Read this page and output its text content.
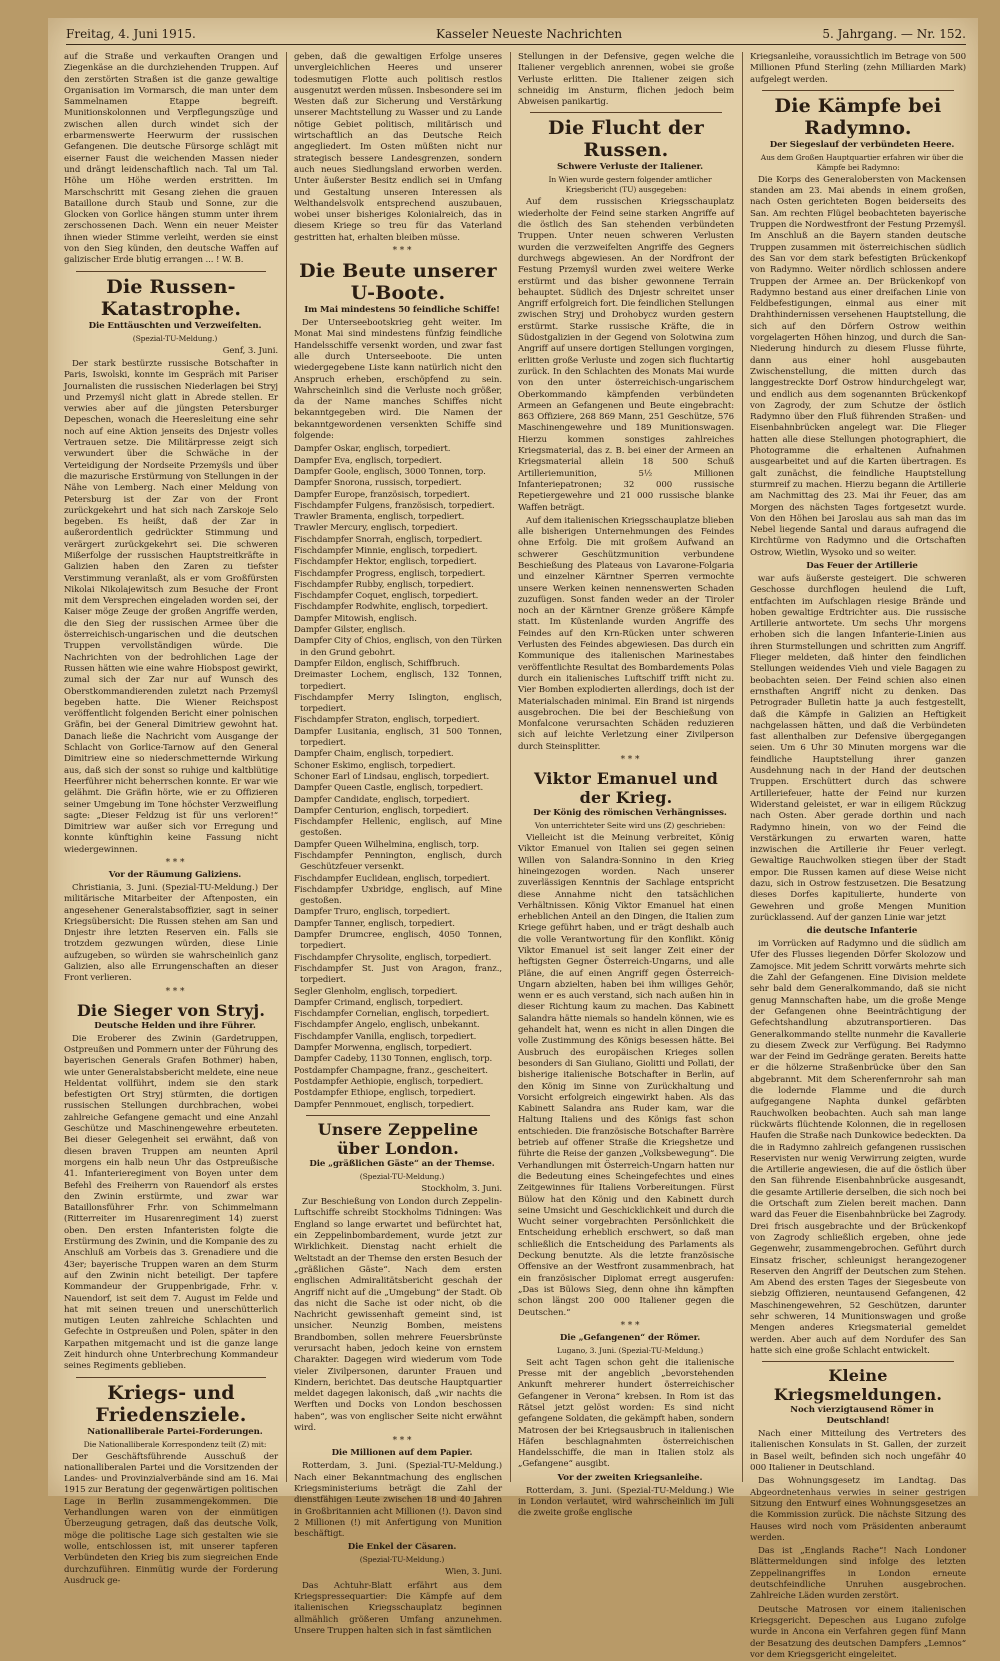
Freitag, 4. Juni 1915.	Kasseler Neueste Nachrichten	5. Jahrgang. — Nr. 152.

auf die Straße und verkauften Orangen und Ziegenkäse an die durchziehenden Truppen. Auf den zerstörten Straßen ist die ganze gewaltige Organisation im Vormarsch, die man unter dem Sammelnamen Etappe begreift. Munitionskolonnen und Verpflegungszüge und zwischen allen durch windet sich der erbarmenswerte Heerwurm der russischen Gefangenen. Die deutsche Fürsorge schlägt mit eiserner Faust die weichenden Massen nieder und drängt leidenschaftlich nach. Tal um Tal. Höhe um Höhe werden erstritten. Im Marschschritt mit Gesang ziehen die grauen Bataillone durch Staub und Sonne, zur die Glocken von Gorlice hängen stumm unter ihrem zerschossenen Dach. Wenn ein neuer Meister ihnen wieder Stimme verleiht, werden sie einst von den Sieg künden, den deutsche Waffen auf galizischer Erde blutig errangen ... ! W. B.

Die Russen-Katastrophe.

Die Enttäuschten und Verzweifelten.

(Spezial-TU-Meldung.)

Genf, 3. Juni.

Der stark bestürzte russische Botschafter in Paris, Iswolski, konnte im Gespräch mit Pariser Journalisten die russischen Niederlagen bei Stryj und Przemyśl nicht glatt in Abrede stellen. Er verwies aber auf die jüngsten Petersburger Depeschen, wonach die Heeresleitung eine sehr noch auf eine Aktion jenseits des Dnjestr volles Vertrauen setze. Die Militärpresse zeigt sich verwundert über die Schwäche in der Verteidigung der Nordseite Przemyśls und über die mazurische Erstürmung von Stellungen in der Nähe von Lemberg. Nach einer Meldung von Petersburg ist der Zar von der Front zurückgekehrt und hat sich nach Zarskoje Selo begeben. Es heißt, daß der Zar in außerordentlich gedrückter Stimmung und verärgert zurückgekehrt sei. Die schweren Mißerfolge der russischen Hauptstreitkräfte in Galizien haben den Zaren zu tiefster Verstimmung veranlaßt, als er vom Großfürsten Nikolai Nikolajewitsch zum Besuche der Front mit dem Versprechen eingeladen worden sei, der Kaiser möge Zeuge der großen Angriffe werden, die den Sieg der russischen Armee über die österreichisch-ungarischen und die deutschen Truppen vervollständigen würde. Die Nachrichten von der bedrohlichen Lage der Russen hätten wie eine wahre Hiobspost gewirkt, zumal sich der Zar nur auf Wunsch des Oberstkommandierenden zuletzt nach Przemyśl begeben hatte. Die Wiener Reichspost veröffentlicht folgenden Bericht einer polnischen Gräfin, bei der General Dimitriew gewohnt hat. Danach ließe die Nachricht vom Ausgange der Schlacht von Gorlice-Tarnow auf den General Dimitriew eine so niederschmetternde Wirkung aus, daß sich der sonst so ruhige und kaltblütige Heerführer nicht beherrschen konnte. Er war wie gelähmt. Die Gräfin hörte, wie er zu Offizieren seiner Umgebung im Tone höchster Verzweiflung sagte: „Dieser Feldzug ist für uns verloren!“ Dimitriew war außer sich vor Erregung und konnte künftighin keine Fassung nicht wiedergewinnen.

* * *

Vor der Räumung Galiziens.

Christiania, 3. Juni. (Spezial-TU-Meldung.) Der militärische Mitarbeiter der Aftenposten, ein angesehener Generalstabsoffizier, sagt in seiner Kriegsübersicht: Die Russen stehen am San und Dnjestr ihre letzten Reserven ein. Falls sie trotzdem gezwungen würden, diese Linie aufzugeben, so würden sie wahrscheinlich ganz Galizien, also alle Errungenschaften an dieser Front verlieren.

* * *

Die Sieger von Stryj.

Deutsche Helden und ihre Führer.

Die Eroberer des Zwinin (Gardetruppen, Ostpreußen und Pommern unter der Führung des bayerischen Generals Grafen Bothmer) haben, wie unter Generalstabsbericht meldete, eine neue Heldentat vollführt, indem sie den stark befestigten Ort Stryj stürmten, die dortigen russischen Stellungen durchbrachen, wobei zahlreiche Gefangene gemacht und eine Anzahl Geschütze und Maschinengewehre erbeuteten. Bei dieser Gelegenheit sei erwähnt, daß von diesen braven Truppen am neunten April morgens ein halb neun Uhr das Ostpreußische 41. Infanterieregiment von Boyen unter dem Befehl des Freiherrn von Rauendorf als erstes den Zwinin erstürmte, und zwar war Bataillonsführer Frhr. von Schimmelmann (Ritterreiter im Husarenregiment 14) zuerst oben. Den ersten Infanteristen folgte die Erstürmung des Zwinin, und die Kompanie des zu Anschluß am Vorbeis das 3. Grenadiere und die 43er; bayerische Truppen waren an dem Sturm auf den Zwinin nicht beteiligt. Der tapfere Kommandeur der Gruppenbrigade, Frhr. v. Nauendorf, ist seit dem 7. August im Felde und hat mit seinen treuen und unerschütterlich mutigen Leuten zahlreiche Schlachten und Gefechte in Ostpreußen und Polen, später in den Karpathen mitgemacht und ist die ganze lange Zeit hindurch ohne Unterbrechung Kommandeur seines Regiments geblieben.

Kriegs- und Friedensziele.

Nationalliberale Partei-Forderungen.

Die Nationalliberale Korrespondenz teilt (Z) mit:

Der Geschäftsführende Ausschuß der nationalliberalen Partei und die Vorsitzenden der Landes- und Provinzialverbände sind am 16. Mai 1915 zur Beratung der gegenwärtigen politischen Lage in Berlin zusammengekommen. Die Verhandlungen waren von der einmütigen Überzeugung getragen, daß das deutsche Volk, möge die politische Lage sich gestalten wie sie wolle, entschlossen ist, mit unserer tapferen Verbündeten den Krieg bis zum siegreichen Ende durchzuführen. Einmütig wurde der Forderung Ausdruck ge-

geben, daß die gewaltigen Erfolge unseres unvergleichlichen Heeres und unserer todesmutigen Flotte auch politisch restlos ausgenutzt werden müssen. Insbesondere sei im Westen daß zur Sicherung und Verstärkung unserer Machtstellung zu Wasser und zu Lande nötige Gebiet politisch, militärisch und wirtschaftlich an das Deutsche Reich angegliedert. Im Osten müßten nicht nur strategisch bessere Landesgrenzen, sondern auch neues Siedlungsland erworben werden. Unter äußerster Besitz endlich sei in Umfang und Gestaltung unseren Interessen als Welthandelsvolk entsprechend auszubauen, wobei unser bisheriges Kolonialreich, das in diesem Kriege so treu für das Vaterland gestritten hat, erhalten bleiben müsse.

* * *

Die Beute unserer U-Boote.

Im Mai mindestens 50 feindliche Schiffe!

Der Unterseebootskrieg geht weiter. Im Monat Mai sind mindestens fünfzig feindliche Handelsschiffe versenkt worden, und zwar fast alle durch Unterseeboote. Die unten wiedergegebene Liste kann natürlich nicht den Anspruch erheben, erschöpfend zu sein. Wahrscheinlich sind die Verluste noch größer, da der Name manches Schiffes nicht bekanntgegeben wird. Die Namen der bekanntgewordenen versenkten Schiffe sind folgende:

Dampfer Oskar, englisch, torpediert.
Dampfer Eva, englisch, torpediert.
Dampfer Goole, englisch, 3000 Tonnen, torp.
Dampfer Snorona, russisch, torpediert.
Dampfer Europe, französisch, torpediert.
Fischdampfer Fulgens, französisch, torpediert.
Trawler Bramenta, englisch, torpediert.
Trawler Mercury, englisch, torpediert.
Fischdampfer Snorrah, englisch, torpediert.
Fischdampfer Minnie, englisch, torpediert.
Fischdampfer Hektor, englisch, torpediert.
Fischdampfer Progress, englisch, torpediert.
Fischdampfer Rubby, englisch, torpediert.
Fischdampfer Coquet, englisch, torpediert.
Fischdampfer Rodwhite, englisch, torpediert.
Dampfer Mitowish, englisch.
Dampfer Gilster, englisch.
Dampfer City of Chios, englisch, von den Türken in den Grund gebohrt.
Dampfer Eildon, englisch, Schiffbruch.
Dreimaster Lochem, englisch, 132 Tonnen, torpediert.
Fischdampfer Merry Islington, englisch, torpediert.
Fischdampfer Straton, englisch, torpediert.
Dampfer Lusitania, englisch, 31 500 Tonnen, torpediert.
Dampfer Chaim, englisch, torpediert.
Schoner Eskimo, englisch, torpediert.
Schoner Earl of Lindsau, englisch, torpediert.
Dampfer Queen Castle, englisch, torpediert.
Dampfer Candidate, englisch, torpediert.
Dampfer Centurion, englisch, torpediert.
Fischdampfer Hellenic, englisch, auf Mine gestoßen.
Dampfer Queen Wilhelmina, englisch, torp.
Fischdampfer Pennington, englisch, durch Geschützfeuer versenkt.
Fischdampfer Euclidean, englisch, torpediert.
Fischdampfer Uxbridge, englisch, auf Mine gestoßen.
Dampfer Truro, englisch, torpediert.
Dampfer Tanner, englisch, torpediert.
Dampfer Drumcree, englisch, 4050 Tonnen, torpediert.
Fischdampfer Chrysolite, englisch, torpediert.
Fischdampfer St. Just von Aragon, franz., torpediert.
Segler Glenholm, englisch, torpediert.
Dampfer Crimand, englisch, torpediert.
Fischdampfer Cornelian, englisch, torpediert.
Fischdampfer Angelo, englisch, unbekannt.
Fischdampfer Vanilla, englisch, torpediert.
Dampfer Morwenna, englisch, torpediert.
Dampfer Cadeby, 1130 Tonnen, englisch, torp.
Postdampfer Champagne, franz., gescheitert.
Postdampfer Aethiopie, englisch, torpediert.
Postdampfer Ethiope, englisch, torpediert.
Dampfer Pennmouet, englisch, torpediert.
Unsere Zeppeline über London.

Die „gräßlichen Gäste“ an der Themse.

(Spezial-TU-Meldung.)

Stockholm, 3. Juni.

Zur Beschießung von London durch Zeppelin-Luftschiffe schreibt Stockholms Tidningen: Was England so lange erwartet und befürchtet hat, ein Zeppelinbombardement, wurde jetzt zur Wirklichkeit. Dienstag nacht erhielt die Weltstadt an der Themse den ersten Besuch der „gräßlichen Gäste“. Nach dem ersten englischen Admiralitätsbericht geschah der Angriff nicht auf die „Umgebung“ der Stadt. Ob das nicht die Sache ist oder nicht, ob die Nachricht gewissenhaft gemeint sind, ist unsicher. Neunzig Bomben, meistens Brandbomben, sollen mehrere Feuersbrünste verursacht haben, jedoch keine von ernstem Charakter. Dagegen wird wiederum vom Tode vieler Zivilpersonen, darunter Frauen und Kindern, berichtet. Das deutsche Hauptquartier meldet dagegen lakonisch, daß „wir nachts die Werften und Docks von London beschossen haben“, was von englischer Seite nicht erwähnt wird.

* * *

Die Millionen auf dem Papier.

Rotterdam, 3. Juni. (Spezial-TU-Meldung.) Nach einer Bekanntmachung des englischen Kriegsministeriums beträgt die Zahl der dienstfähigen Leute zwischen 18 und 40 Jahren in Großbritannien acht Millionen (!). Davon sind 2 Millionen (!) mit Anfertigung von Munition beschäftigt.

Die Enkel der Cäsaren.

(Spezial-TU-Meldung.)

Wien, 3. Juni.

Das Achtuhr-Blatt erfährt aus dem Kriegspressequartier: Die Kämpfe auf dem italienischen Kriegsschauplatz beginnen allmählich größeren Umfang anzunehmen. Unsere Truppen halten sich in fast sämtlichen

Stellungen in der Defensive, gegen welche die Italiener vergeblich anrennen, wobei sie große Verluste erlitten. Die Italiener zeigen sich schneidig im Ansturm, flichen jedoch beim Abweisen panikartig.

Die Flucht der Russen.

Schwere Verluste der Italiener.

In Wien wurde gestern folgender amtlicher Kriegsbericht (TU) ausgegeben:

Auf dem russischen Kriegsschauplatz wiederholte der Feind seine starken Angriffe auf die östlich des San stehenden verbündeten Truppen. Unter neuen schweren Verlusten wurden die verzweifelten Angriffe des Gegners durchwegs abgewiesen. An der Nordfront der Festung Przemyśl wurden zwei weitere Werke erstürmt und das bisher gewonnene Terrain behauptet. Südlich des Dnjestr schreitet unser Angriff erfolgreich fort. Die feindlichen Stellungen zwischen Stryj und Drohobycz wurden gestern erstürmt. Starke russische Kräfte, die in Südostgalizien in der Gegend von Solotwina zum Angriff auf unsere dortigen Stellungen vorgingen, erlitten große Verluste und zogen sich fluchtartig zurück. In den Schlachten des Monats Mai wurde von den unter österreichisch-ungarischem Oberkommando kämpfenden verbündeten Armeen an Gefangenen und Beute eingebracht: 863 Offiziere, 268 869 Mann, 251 Geschütze, 576 Maschinengewehre und 189 Munitionswagen. Hierzu kommen sonstiges zahlreiches Kriegsmaterial, das z. B. bei einer der Armeen an Kriegsmaterial allein 18 500 Schuß Artilleriemunition, 5½ Millionen Infanteriepatronen; 32 000 russische Repetiergewehre und 21 000 russische blanke Waffen beträgt.

Auf dem italienischen Kriegsschauplatze blieben alle bisherigen Unternehmungen des Feindes ohne Erfolg. Die mit großem Aufwand an schwerer Geschützmunition verbundene Beschießung des Plateaus von Lavarone-Folgaria und einzelner Kärntner Sperren vermochte unsere Werken keinen nennenswerten Schaden zuzufügen. Sonst fanden weder an der Tiroler noch an der Kärntner Grenze größere Kämpfe statt. Im Küstenlande wurden Angriffe des Feindes auf den Krn-Rücken unter schweren Verlusten des Feindes abgewiesen. Das durch ein Kommunique des italienischen Marinestabes veröffentlichte Resultat des Bombardements Polas durch ein italienisches Luftschiff trifft nicht zu. Vier Bomben explodierten allerdings, doch ist der Materialschaden minimal. Ein Brand ist nirgends ausgebrochen. Die bei der Beschießung von Monfalcone verursachten Schäden reduzieren sich auf leichte Verletzung einer Zivilperson durch Steinsplitter.

* * *

Viktor Emanuel und der Krieg.

Der König des römischen Verhängnisses.

Von unterrichteter Seite wird uns (Z) geschrieben:

Vielleicht ist die Meinung verbreitet, König Viktor Emanuel von Italien sei gegen seinen Willen von Salandra-Sonnino in den Krieg hineingezogen worden. Nach unserer zuverlässigen Kenntnis der Sachlage entspricht diese Annahme nicht den tatsächlichen Verhältnissen. König Viktor Emanuel hat einen erheblichen Anteil an den Dingen, die Italien zum Kriege geführt haben, und er trägt deshalb auch die volle Verantwortung für den Konflikt. König Viktor Emanuel ist seit langer Zeit einer der heftigsten Gegner Österreich-Ungarns, und alle Pläne, die auf einen Angriff gegen Österreich-Ungarn abzielten, haben bei ihm williges Gehör, wenn er es auch verstand, sich nach außen hin in dieser Richtung kaum zu machen. Das Kabinett Salandra hätte niemals so handeln können, wie es gehandelt hat, wenn es nicht in allen Dingen die volle Zustimmung des Königs besessen hätte. Bei Ausbruch des europäischen Krieges sollen besonders di San Giuliano, Giolitti und Pollati, der bisherige italienische Botschafter in Berlin, auf den König im Sinne von Zurückhaltung und Vorsicht erfolgreich eingewirkt haben. Als das Kabinett Salandra ans Ruder kam, war die Haltung Italiens und des Königs fast schon entschieden. Die französische Botschafter Barrère betrieb auf offener Straße die Kriegshetze und führte die Reise der ganzen „Volksbewegung“. Die Verhandlungen mit Österreich-Ungarn hatten nur die Bedeutung eines Scheingefechtes und eines Zeitgewinnes für Italiens Vorbereitungen. Fürst Bülow hat den König und den Kabinett durch seine Umsicht und Geschicklichkeit und durch die Wucht seiner vorgebrachten Persönlichkeit die Entscheidung erheblich erschwert, so daß man schließlich die Entscheidung des Parlaments als Deckung benutzte. Als die letzte französische Offensive an der Westfront zusammenbrach, hat ein französischer Diplomat erregt ausgerufen: „Das ist Bülows Sieg, denn ohne ihn kämpften schon längst 200 000 Italiener gegen die Deutschen.“

* * *

Die „Gefangenen“ der Römer.

Lugano, 3. Juni. (Spezial-TU-Meldung.)

Seit acht Tagen schon geht die italienische Presse mit der angeblich „bevorstehenden Ankunft mehrerer hundert österreichischer Gefangener in Verona“ krebsen. In Rom ist das Rätsel jetzt gelöst worden: Es sind nicht gefangene Soldaten, die gekämpft haben, sondern Matrosen der bei Kriegsausbruch in italienischen Häfen beschlagnahmten österreichischen Handelsschiffe, die man in Italien stolz als „Gefangene“ ausgibt.

Vor der zweiten Kriegsanleihe.

Rotterdam, 3. Juni. (Spezial-TU-Meldung.) Wie in London verlautet, wird wahrscheinlich im Juli die zweite große englische

Kriegsanleihe, voraussichtlich im Betrage von 500 Millionen Pfund Sterling (zehn Milliarden Mark) aufgelegt werden.

Die Kämpfe bei Radymno.

Der Siegeslauf der verbündeten Heere.

Aus dem Großen Hauptquartier erfahren wir über die Kämpfe bei Radymno:

Die Korps des Generalobersten von Mackensen standen am 23. Mai abends in einem großen, nach Osten gerichteten Bogen beiderseits des San. Am rechten Flügel beobachteten bayerische Truppen die Nordwestfront der Festung Przemyśl. Im Anschluß an die Bayern standen deutsche Truppen zusammen mit österreichischen südlich des San vor dem stark befestigten Brückenkopf von Radymno. Weiter nördlich schlossen andere Truppen der Armee an. Der Brückenkopf von Radymno bestand aus einer dreifachen Linie von Feldbefestigungen, einmal aus einer mit Drahthindernissen versehenen Hauptstellung, die sich auf den Dörfern Ostrow weithin vorgelagerten Höhen hinzog, und durch die San-Niederung hindurch zu diesem Flusse führte, dann aus einer hohl ausgebauten Zwischenstellung, die mitten durch das langgestreckte Dorf Ostrow hindurchgelegt war, und endlich aus dem sogenannten Brückenkopf von Zagrody, der zum Schutze der östlich Radymno über den Fluß führenden Straßen- und Eisenbahnbrücken angelegt war. Die Flieger hatten alle diese Stellungen photographiert, die Photogramme die erhaltenen Aufnahmen ausgearbeitet und auf die Karten übertragen. Es galt zunächst, die feindliche Hauptstellung sturmreif zu machen. Hierzu begann die Artillerie am Nachmittag des 23. Mai ihr Feuer, das am Morgen des nächsten Tages fortgesetzt wurde. Von den Höhen bei Jaroslau aus sah man das im Nebel liegende Santal und daraus aufragend die Kirchtürme von Radymno und die Ortschaften Ostrow, Wietlin, Wysoko und so weiter.

Das Feuer der Artillerie

war aufs äußerste gesteigert. Die schweren Geschosse durchflogen heulend die Luft, entfachten im Aufschlagen riesige Brände und hoben gewaltige Erdtrichter aus. Die russische Artillerie antwortete. Um sechs Uhr morgens erhoben sich die langen Infanterie-Linien aus ihren Sturmstellungen und schritten zum Angriff. Flieger meldeten, daß hinter den feindlichen Stellungen weidendes Vieh und viele Bagagen zu beobachten seien. Der Feind schien also einen ernsthaften Angriff nicht zu denken. Das Petrograder Bulletin hatte ja auch festgestellt, daß die Kämpfe in Galizien an Heftigkeit nachgelassen hätten, und daß die Verbündeten fast allenthalben zur Defensive übergegangen seien. Um 6 Uhr 30 Minuten morgens war die feindliche Hauptstellung ihrer ganzen Ausdehnung nach in der Hand der deutschen Truppen. Erschüttert durch das schwere Artilleriefeuer, hatte der Feind nur kurzen Widerstand geleistet, er war in eiligem Rückzug nach Osten. Aber gerade dorthin und nach Radymno hinein, von wo der Feind die Verstärkungen zu erwarten waren, hatte inzwischen die Artillerie ihr Feuer verlegt. Gewaltige Rauchwolken stiegen über der Stadt empor. Die Russen kamen auf diese Weise nicht dazu, sich in Ostrow festzusetzen. Die Besatzung dieses Dorfes kapitulierte, hunderte von Gewehren und große Mengen Munition zurücklassend. Auf der ganzen Linie war jetzt

die deutsche Infanterie

im Vorrücken auf Radymno und die südlich am Ufer des Flusses liegenden Dörfer Skolozow und Zamojsce. Mit jedem Schritt vorwärts mehrte sich die Zahl der Gefangenen. Eine Division meldete sehr bald dem Generalkommando, daß sie nicht genug Mannschaften habe, um die große Menge der Gefangenen ohne Beeinträchtigung der Gefechtshandlung abzutransportieren. Das Generalkommando stellte nunmehr die Kavallerie zu diesem Zweck zur Verfügung. Bei Radymno war der Feind im Gedränge geraten. Bereits hatte er die hölzerne Straßenbrücke über den San abgebrannt. Mit dem Scherenfernrohr sah man die lodernde Flamme und die durch aufgegangene Naphta dunkel gefärbten Rauchwolken beobachten. Auch sah man lange rückwärts flüchtende Kolonnen, die in regellosen Haufen die Straße nach Dunkowice bedeckten. Da die in Radymno zahlreich gefangenen russischen Reservisten nur wenig Verwirrung zeigten, wurde die Artillerie angewiesen, die auf die östlich über den San führende Eisenbahnbrücke ausgesandt, die gesamte Artillerie derselben, die sich noch bei die Ortschaft zum Zielen bereit machen. Dann ward das Feuer die Eisenbahnbrücke bei Zagrody. Drei frisch ausgebrachte und der Brückenkopf von Zagrody schließlich ergeben, ohne jede Gegenwehr, zusammengebrochen. Geführt durch Einsatz frischer, schleunigst herangezogener Reserven den Angriff der Deutschen zum Stehen. Am Abend des ersten Tages der Siegesbeute von siebzig Offizieren, neuntausend Gefangenen, 42 Maschinengewehren, 52 Geschützen, darunter sehr schweren, 14 Munitionswagen und große Mengen anderes Kriegsmaterial gemeldet werden. Aber auch auf dem Nordufer des San hatte sich eine große Schlacht entwickelt.

Kleine Kriegsmeldungen.

Noch vierzigtausend Römer in Deutschland!

Nach einer Mitteilung des Vertreters des italienischen Konsulats in St. Gallen, der zurzeit in Basel weilt, befinden sich noch ungefähr 40 000 Italiener in Deutschland.

Das Wohnungsgesetz im Landtag. Das Abgeordnetenhaus verwies in seiner gestrigen Sitzung den Entwurf eines Wohnungsgesetzes an die Kommission zurück. Die nächste Sitzung des Hauses wird noch vom Präsidenten anberaumt werden.

Das ist „Englands Rache“! Nach Londoner Blättermeldungen sind infolge des letzten Zeppelinangriffes in London erneute deutschfeindliche Unruhen ausgebrochen. Zahlreiche Läden wurden zerstört.

Deutsche Matrosen vor einem italienischen Kriegsgericht. Depeschen aus Lugano zufolge wurde in Ancona ein Verfahren gegen fünf Mann der Besatzung des deutschen Dampfers „Lemnos“ vor dem Kriegsgericht eingeleitet.
